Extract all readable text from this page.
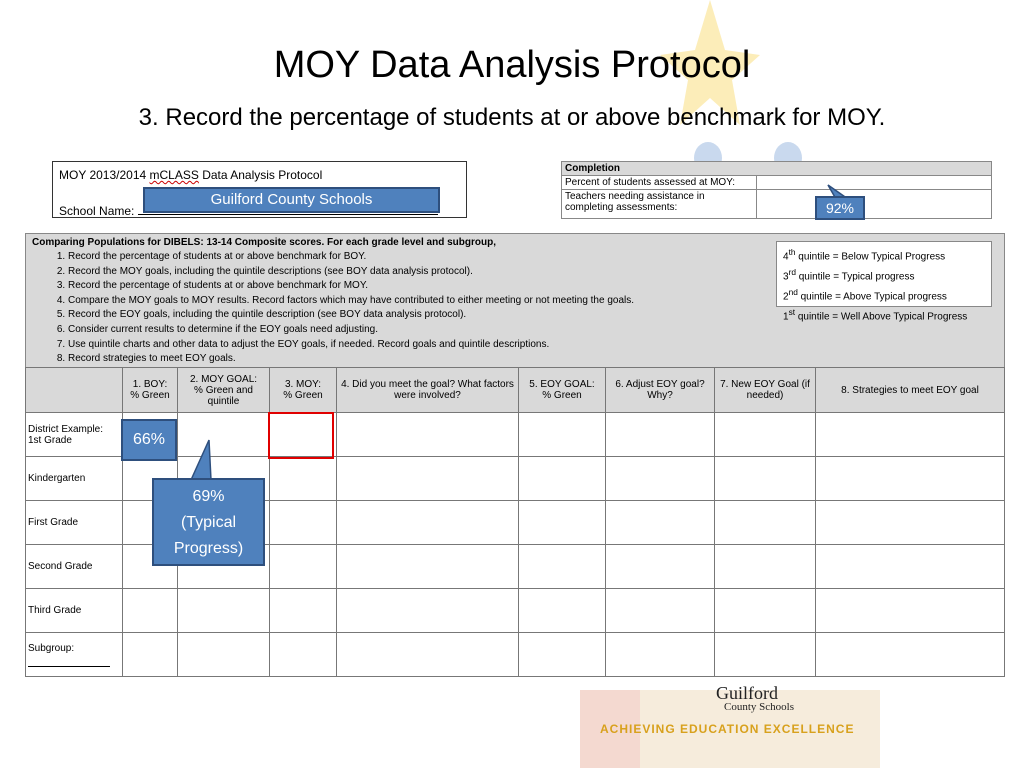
MOY Data Analysis Protocol
3. Record the percentage of students at or above benchmark for MOY.
MOY 2013/2014 mCLASS Data Analysis Protocol
School Name:
Guilford County Schools
Completion	
Percent of students assessed at MOY:	
Teachers needing assistance in completing assessments:		92%
Comparing Populations for DIBELS: 13-14 Composite scores. For each grade level and subgroup,
1. Record the percentage of students at or above benchmark for BOY.
2. Record the MOY goals, including the quintile descriptions (see BOY data analysis protocol).
3. Record the percentage of students at or above benchmark for MOY.
4. Compare the MOY goals to MOY results. Record factors which may have contributed to either meeting or not meeting the goals.
5. Record the EOY goals, including the quintile description (see BOY data analysis protocol).
6. Consider current results to determine if the EOY goals need adjusting.
7. Use quintile charts and other data to adjust the EOY goals, if needed. Record goals and quintile descriptions.
8. Record strategies to meet EOY goals.
4th quintile = Below Typical Progress
3rd quintile = Typical progress
2nd quintile = Above Typical progress
1st quintile = Well Above Typical Progress
	1. BOY:
% Green	2. MOY GOAL:
% Green and quintile	3. MOY:
% Green	4. Did you meet the goal? What factors were involved?	5. EOY GOAL:
% Green	6. Adjust EOY goal? Why?	7. New EOY Goal (if needed)	8. Strategies to meet EOY goal
District Example:
1st Grade								
Kindergarten								
First Grade								
Second Grade								
Third Grade								
Subgroup:

66%
69%
(Typical
Progress)
Guilford
County Schools
ACHIEVING EDUCATION EXCELLENCE
